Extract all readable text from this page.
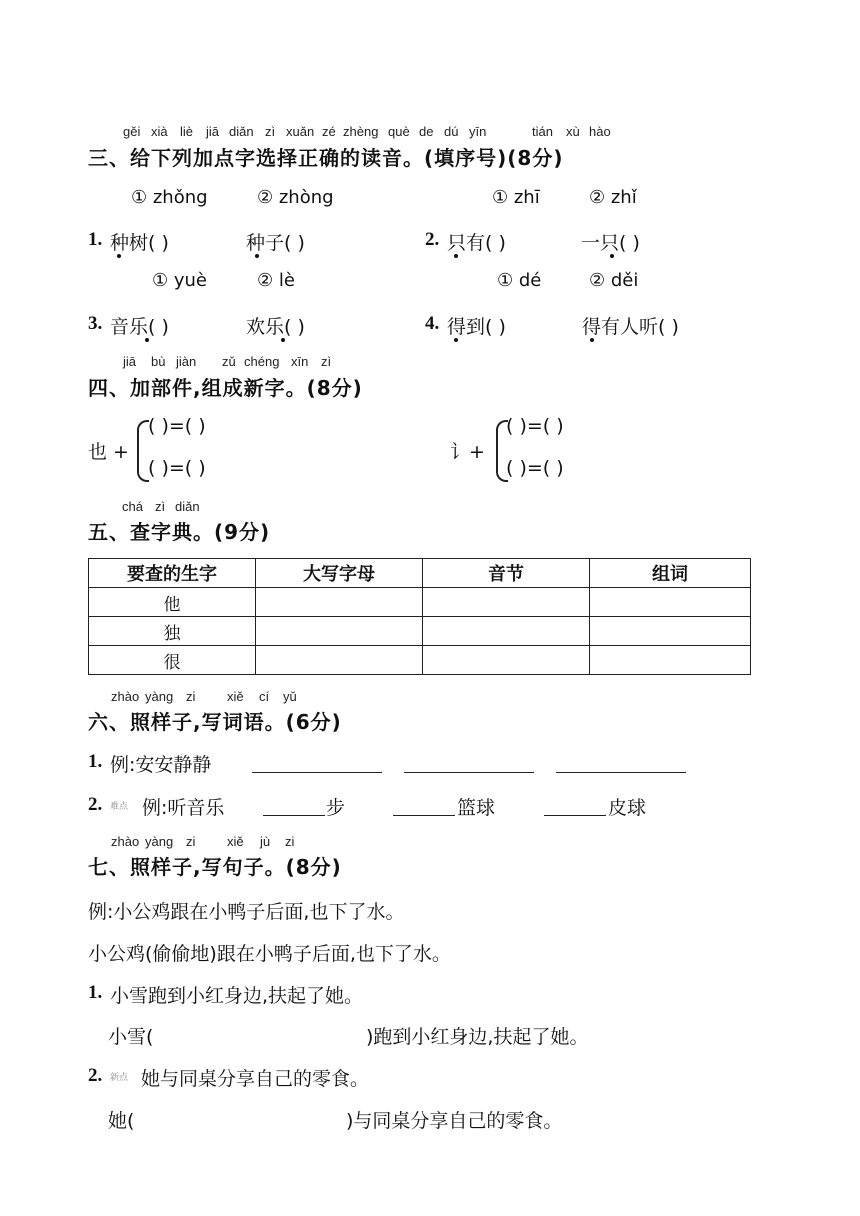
gěi xià liè jiā diǎn zì xuǎn zé zhèng què de dú yīn	tián xù hào
三、给下列加点字选择正确的读音。(填序号)(8分)
① zhǒng	② zhòng	① zhī	② zhǐ
1. 种树( )	种子( )	2. 只有( )	一只( )
① yuè	② lè	① dé	② děi
3. 音乐( )	欢乐( )	4. 得到( )	得有人听( )
jiā bù jiàn zǔ chéng xīn zì
四、加部件,组成新字。(8分)
也 +
( )=( )
( )=( )
讠+
( )=( )
( )=( )
chá zì diǎn
五、查字典。(9分)
要查的生字	大写字母	音节	组词
他			
独			
很			
zhào yàng zi xiě cí yǔ
六、照样子,写词语。(6分)
1. 例:安安静静
2. 难点 例:听音乐	步	篮球	皮球
zhào yàng zi xiě jù zi
七、照样子,写句子。(8分)
例:小公鸡跟在小鸭子后面,也下了水。
小公鸡(偷偷地)跟在小鸭子后面,也下了水。
1. 小雪跑到小红身边,扶起了她。
小雪(	)跑到小红身边,扶起了她。
2. 新点 她与同桌分享自己的零食。
她(	)与同桌分享自己的零食。
